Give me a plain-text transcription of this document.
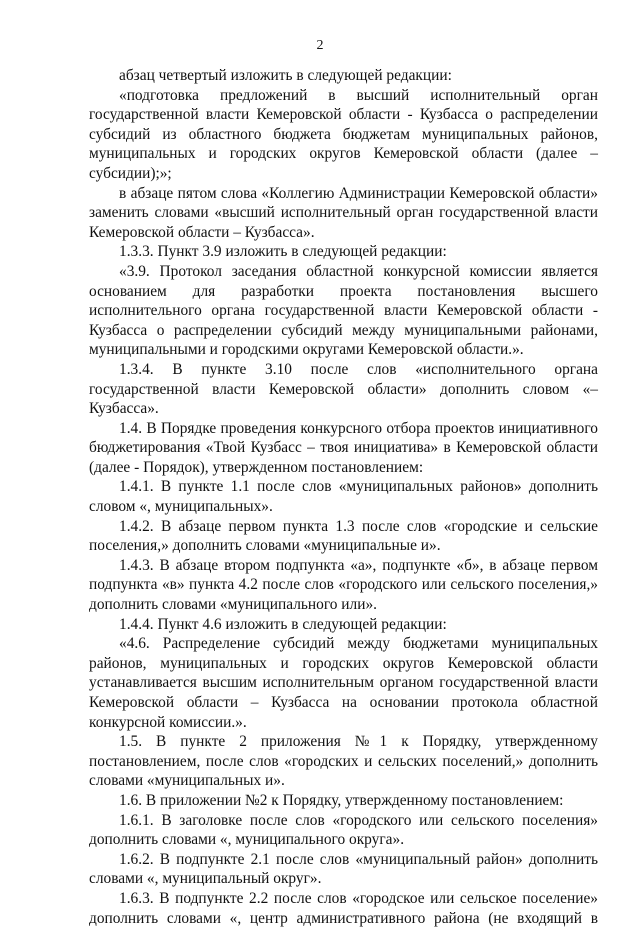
2

абзац четвертый изложить в следующей редакции:

«подготовка предложений в высший исполнительный орган государственной власти Кемеровской области - Кузбасса о распределении субсидий из областного бюджета бюджетам муниципальных районов, муниципальных и городских округов Кемеровской области (далее – субсидии);»;

в абзаце пятом слова «Коллегию Администрации Кемеровской области» заменить словами «высший исполнительный орган государственной власти Кемеровской области – Кузбасса».

1.3.3. Пункт 3.9 изложить в следующей редакции:

«3.9. Протокол заседания областной конкурсной комиссии является основанием для разработки проекта постановления высшего исполнительного органа государственной власти Кемеровской области - Кузбасса о распределении субсидий между муниципальными районами, муниципальными и городскими округами Кемеровской области.».

1.3.4. В пункте 3.10 после слов «исполнительного органа государственной власти Кемеровской области» дополнить словом «– Кузбасса».

1.4. В Порядке проведения конкурсного отбора проектов инициативного бюджетирования «Твой Кузбасс – твоя инициатива» в Кемеровской области (далее - Порядок), утвержденном постановлением:

1.4.1. В пункте 1.1 после слов «муниципальных районов» дополнить словом «, муниципальных».

1.4.2. В абзаце первом пункта 1.3 после слов «городские и сельские поселения,» дополнить словами «муниципальные и».

1.4.3. В абзаце втором подпункта «а», подпункте «б», в абзаце первом подпункта «в» пункта 4.2 после слов «городского или сельского поселения,» дополнить словами «муниципального или».

1.4.4. Пункт 4.6 изложить в следующей редакции:

«4.6. Распределение субсидий между бюджетами муниципальных районов, муниципальных и городских округов Кемеровской области устанавливается высшим исполнительным органом государственной власти Кемеровской области – Кузбасса на основании протокола областной конкурсной комиссии.».

1.5. В пункте 2 приложения №1 к Порядку, утвержденному постановлением, после слов «городских и сельских поселений,» дополнить словами «муниципальных и».

1.6. В приложении №2 к Порядку, утвержденному постановлением:

1.6.1. В заголовке после слов «городского или сельского поселения» дополнить словами «, муниципального округа».

1.6.2. В подпункте 2.1 после слов «муниципальный район» дополнить словами «, муниципальный округ».

1.6.3. В подпункте 2.2 после слов «городское или сельское поселение» дополнить словами «, центр административного района (не входящий в
